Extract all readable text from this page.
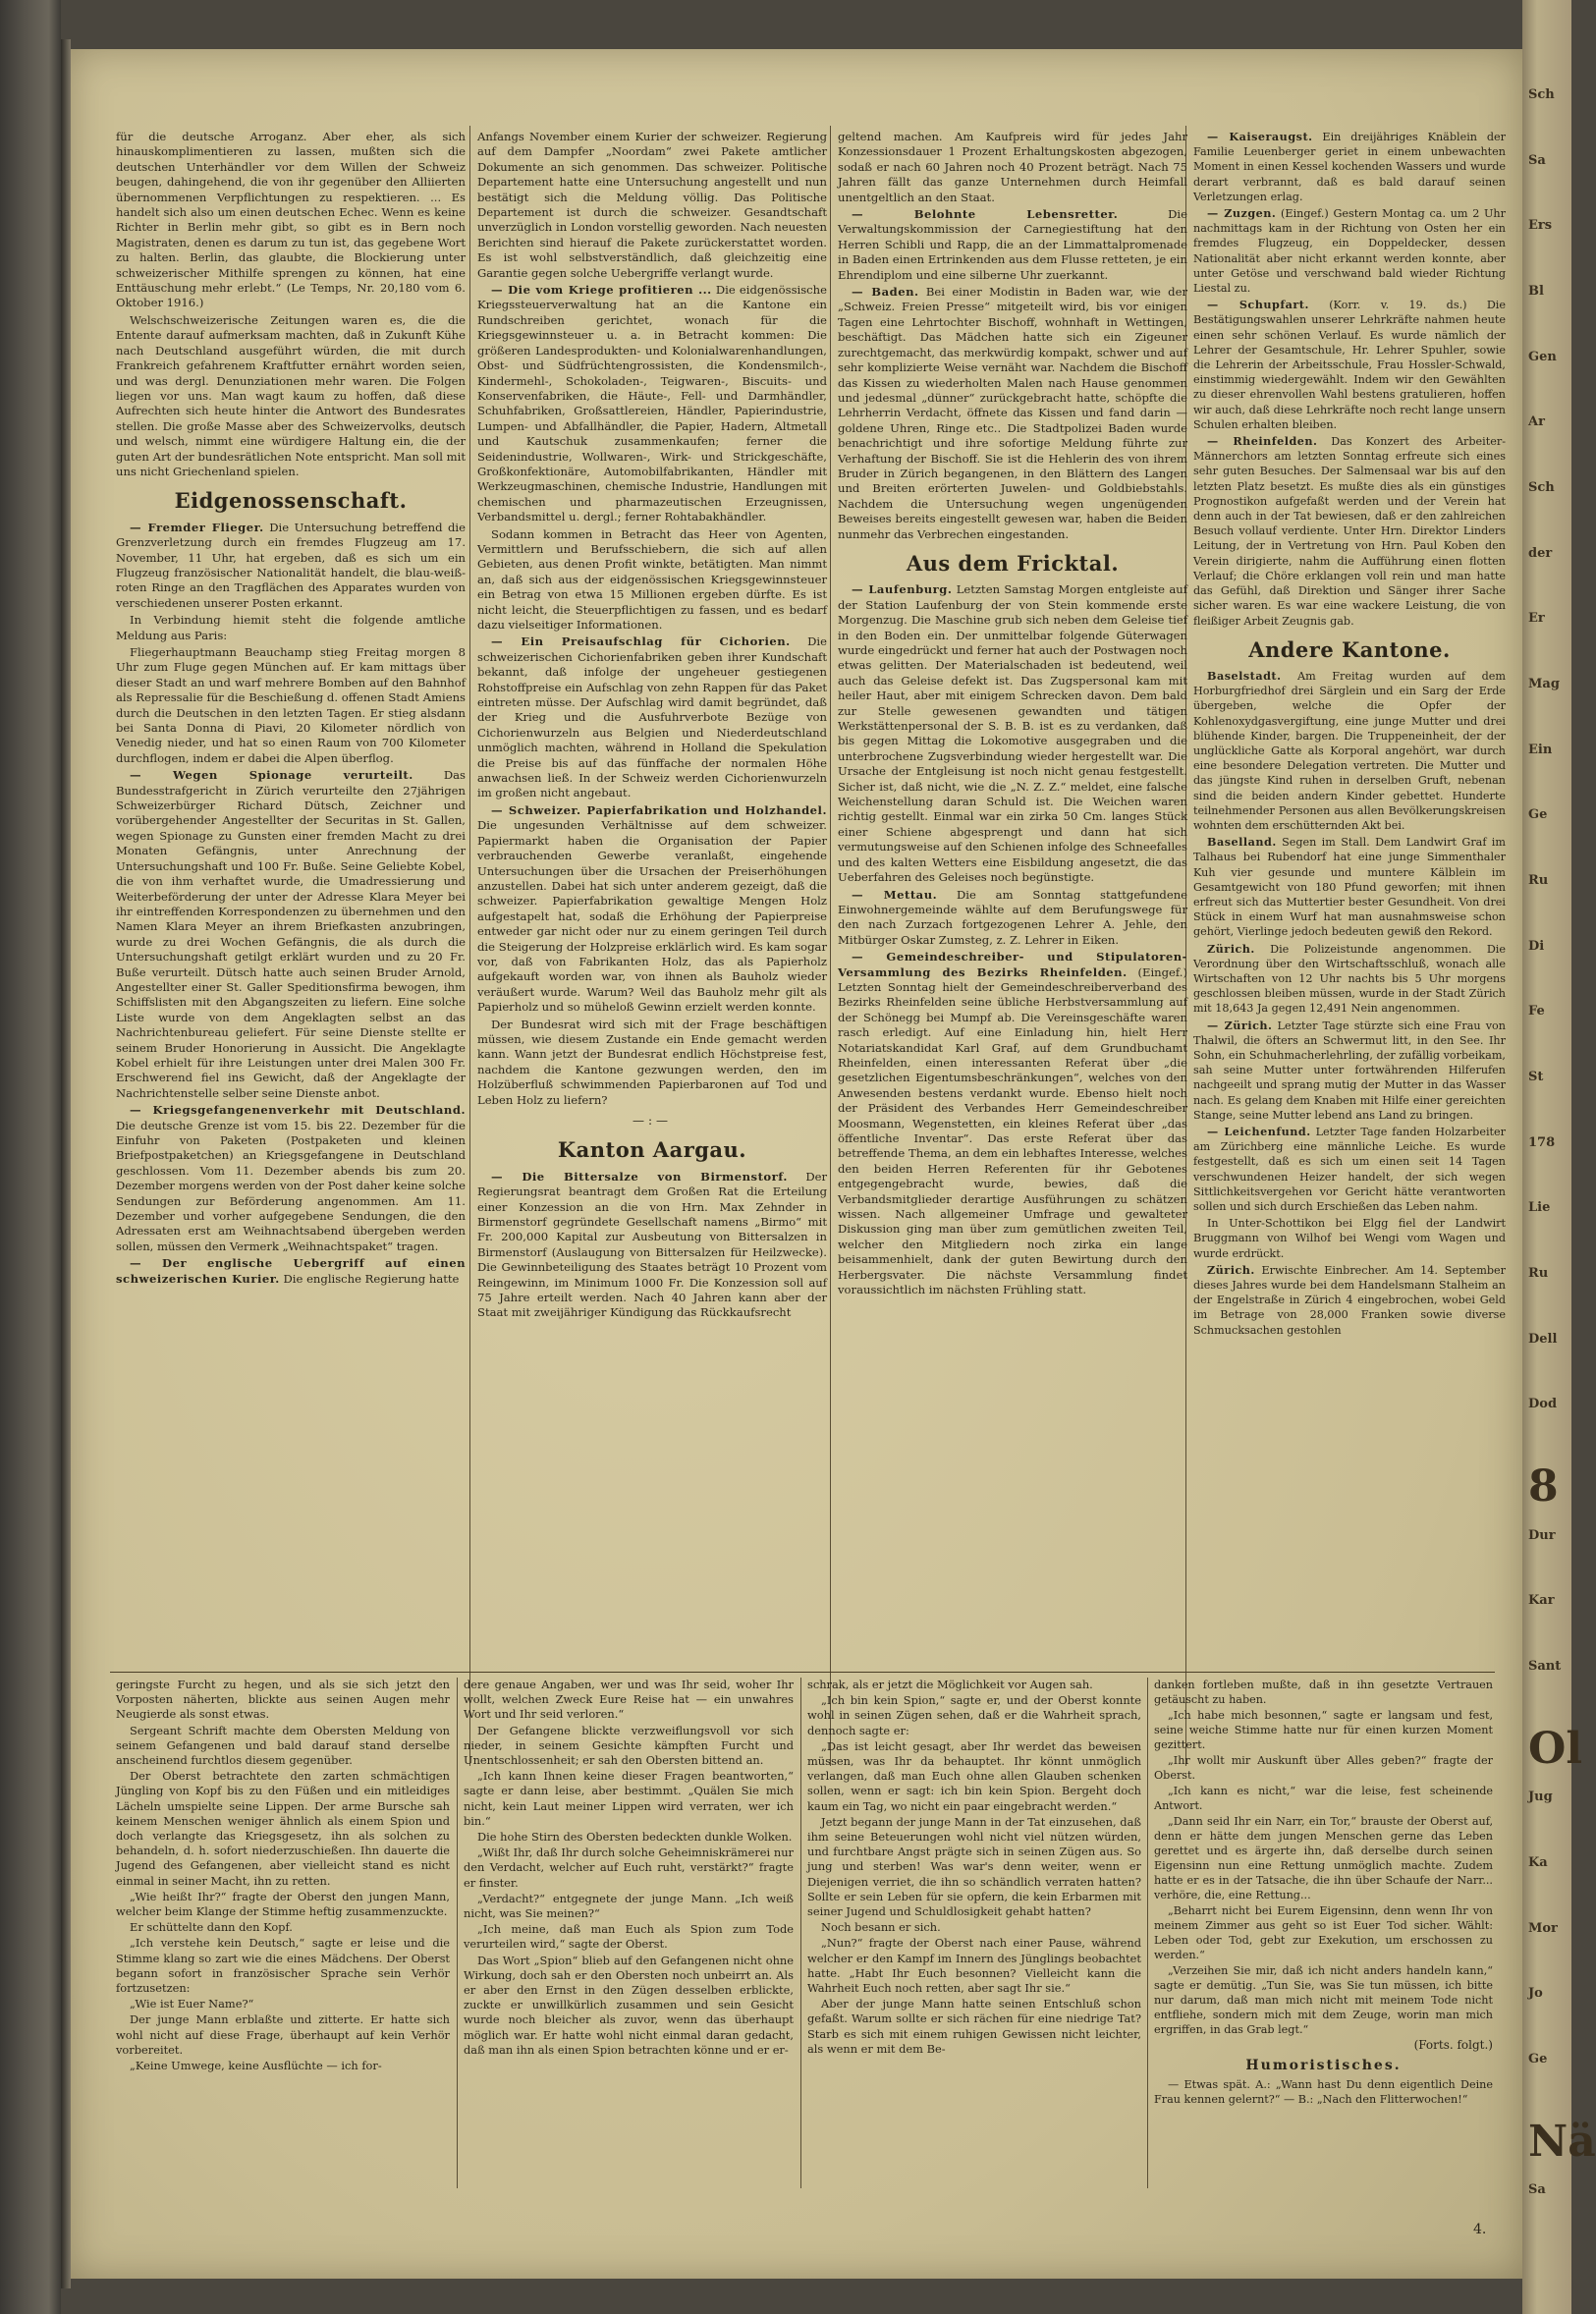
für die deutsche Arroganz. Aber eher, als sich hinauskomplimentieren zu lassen, mußten sich die deutschen Unterhändler vor dem Willen der Schweiz beugen, dahingehend, die von ihr gegenüber den Alliierten übernommenen Verpflichtungen zu respektieren. ... Es handelt sich also um einen deutschen Echec. Wenn es keine Richter in Berlin mehr gibt, so gibt es in Bern noch Magistraten, denen es darum zu tun ist, das gegebene Wort zu halten. Berlin, das glaubte, die Blockierung unter schweizerischer Mithilfe sprengen zu können, hat eine Enttäuschung mehr erlebt.“ (Le Temps, Nr. 20,180 vom 6. Oktober 1916.)

Welschschweizerische Zeitungen waren es, die die Entente darauf aufmerksam machten, daß in Zukunft Kühe nach Deutschland ausgeführt würden, die mit durch Frankreich gefahrenem Kraftfutter ernährt worden seien, und was dergl. Denunziationen mehr waren. Die Folgen liegen vor uns. Man wagt kaum zu hoffen, daß diese Aufrechten sich heute hinter die Antwort des Bundesrates stellen. Die große Masse aber des Schweizervolks, deutsch und welsch, nimmt eine würdigere Haltung ein, die der guten Art der bundesrätlichen Note entspricht. Man soll mit uns nicht Griechenland spielen.

Eidgenossenschaft.

— Fremder Flieger. Die Untersuchung betreffend die Grenzverletzung durch ein fremdes Flugzeug am 17. November, 11 Uhr, hat ergeben, daß es sich um ein Flugzeug französischer Nationalität handelt, die blau-weiß-roten Ringe an den Tragflächen des Apparates wurden von verschiedenen unserer Posten erkannt.

In Verbindung hiemit steht die folgende amtliche Meldung aus Paris:

Fliegerhauptmann Beauchamp stieg Freitag morgen 8 Uhr zum Fluge gegen München auf. Er kam mittags über dieser Stadt an und warf mehrere Bomben auf den Bahnhof als Repressalie für die Beschießung d. offenen Stadt Amiens durch die Deutschen in den letzten Tagen. Er stieg alsdann bei Santa Donna di Piavi, 20 Kilometer nördlich von Venedig nieder, und hat so einen Raum von 700 Kilometer durchflogen, indem er dabei die Alpen überflog.

— Wegen Spionage verurteilt.	Das Bundesstrafgericht in Zürich verurteilte den 27jährigen Schweizerbürger Richard Dütsch, Zeichner und vorübergehender Angestellter der Securitas in St. Gallen, wegen Spionage zu Gunsten einer fremden Macht zu drei Monaten Gefängnis, unter Anrechnung der Untersuchungshaft und 100 Fr. Buße. Seine Geliebte Kobel, die von ihm verhaftet wurde, die Umadressierung und Weiterbeförderung der unter der Adresse Klara Meyer bei ihr eintreffenden Korrespondenzen zu übernehmen und den Namen Klara Meyer an ihrem Briefkasten anzubringen, wurde zu drei Wochen Gefängnis, die als durch die Untersuchungshaft getilgt erklärt wurden und zu 20 Fr. Buße verurteilt. Dütsch hatte auch seinen Bruder Arnold, Angestellter einer St. Galler Speditionsfirma bewogen, ihm Schiffslisten mit den Abgangszeiten zu liefern. Eine solche Liste wurde von dem Angeklagten selbst an das Nachrichtenbureau geliefert. Für seine Dienste stellte er seinem Bruder Honorierung in Aussicht. Die Angeklagte Kobel erhielt für ihre Leistungen unter drei Malen 300 Fr. Erschwerend fiel ins Gewicht, daß der Angeklagte der Nachrichtenstelle selber seine Dienste anbot.

— Kriegsgefangenenverkehr mit Deutschland. Die deutsche Grenze ist vom 15. bis 22. Dezember für die Einfuhr von Paketen (Postpaketen und kleinen Briefpostpaketchen) an Kriegsgefangene in Deutschland geschlossen. Vom 11. Dezember abends bis zum 20. Dezember morgens werden von der Post daher keine solche Sendungen zur Beförderung angenommen. Am 11. Dezember und vorher aufgegebene Sendungen, die den Adressaten erst am Weihnachtsabend übergeben werden sollen, müssen den Vermerk „Weihnachtspaket“ tragen.

— Der englische Uebergriff auf einen schweizerischen Kurier. Die englische Regierung hatte

Anfangs November einem Kurier der schweizer. Regierung auf dem Dampfer „Noordam“ zwei Pakete amtlicher Dokumente an sich genommen. Das schweizer. Politische Departement hatte eine Untersuchung angestellt und nun bestätigt sich die Meldung völlig. Das Politische Departement ist durch die schweizer. Gesandtschaft unverzüglich in London vorstellig geworden. Nach neuesten Berichten sind hierauf die Pakete zurückerstattet worden. Es ist wohl selbstverständlich, daß gleichzeitig eine Garantie gegen solche Uebergriffe verlangt wurde.

— Die vom Kriege profitieren ... Die eidgenössische Kriegssteuerverwaltung hat an die Kantone ein Rundschreiben gerichtet, wonach für die Kriegsgewinnsteuer u. a. in Betracht kommen: Die größeren Landesprodukten- und Kolonialwarenhandlungen, Obst- und Südfrüchtengrossisten, die Kondensmilch-, Kindermehl-, Schokoladen-, Teigwaren-, Biscuits- und Konservenfabriken, die Häute-, Fell- und Darmhändler, Schuhfabriken, Großsattlereien, Händler, Papierindustrie, Lumpen- und Abfallhändler, die Papier, Hadern, Altmetall und Kautschuk zusammenkaufen; ferner die Seidenindustrie, Wollwaren-, Wirk- und Strickgeschäfte, Großkonfektionäre, Automobilfabrikanten, Händler mit Werkzeugmaschinen, chemische Industrie, Handlungen mit chemischen und pharmazeutischen Erzeugnissen, Verbandsmittel u. dergl.; ferner Rohtabakhändler.

Sodann kommen in Betracht das Heer von Agenten, Vermittlern und Berufsschiebern, die sich auf allen Gebieten, aus denen Profit winkte, betätigten. Man nimmt an, daß sich aus der eidgenössischen Kriegsgewinnsteuer ein Betrag von etwa 15 Millionen ergeben dürfte. Es ist nicht leicht, die Steuerpflichtigen zu fassen, und es bedarf dazu vielseitiger Informationen.

— Ein Preisaufschlag für Cichorien. Die schweizerischen Cichorienfabriken geben ihrer Kundschaft bekannt, daß infolge der ungeheuer gestiegenen Rohstoffpreise ein Aufschlag von zehn Rappen für das Paket eintreten müsse. Der Aufschlag wird damit begründet, daß der Krieg und die Ausfuhrverbote Bezüge von Cichorienwurzeln aus Belgien und Niederdeutschland unmöglich machten, während in Holland die Spekulation die Preise bis auf das fünffache der normalen Höhe anwachsen ließ. In der Schweiz werden Cichorienwurzeln im großen nicht angebaut.

— Schweizer. Papierfabrikation und Holzhandel. Die ungesunden Verhältnisse auf dem schweizer. Papiermarkt haben die Organisation der Papier verbrauchenden Gewerbe veranlaßt, eingehende Untersuchungen über die Ursachen der Preiserhöhungen anzustellen. Dabei hat sich unter anderem gezeigt, daß die schweizer. Papierfabrikation gewaltige Mengen Holz aufgestapelt hat, sodaß die Erhöhung der Papierpreise entweder gar nicht oder nur zu einem geringen Teil durch die Steigerung der Holzpreise erklärlich wird. Es kam sogar vor, daß von Fabrikanten Holz, das als Papierholz aufgekauft worden war, von ihnen als Bauholz wieder veräußert wurde. Warum? Weil das Bauholz mehr gilt als Papierholz und so müheloß Gewinn erzielt werden konnte.

Der Bundesrat wird sich mit der Frage beschäftigen müssen, wie diesem Zustande ein Ende gemacht werden kann. Wann jetzt der Bundesrat endlich Höchstpreise fest, nachdem die Kantone gezwungen werden, den im Holzüberfluß schwimmenden Papierbaronen auf Tod und Leben Holz zu liefern?

—:—
Kanton Aargau.

— Die Bittersalze von Birmenstorf. Der Regierungsrat beantragt dem Großen Rat die Erteilung einer Konzession an die von Hrn. Max Zehnder in Birmenstorf gegründete Gesellschaft namens „Birmo“ mit Fr. 200,000 Kapital zur Ausbeutung von Bittersalzen in Birmenstorf (Auslaugung von Bittersalzen für Heilzwecke). Die Gewinnbeteiligung des Staates beträgt 10 Prozent vom Reingewinn, im Minimum 1000 Fr. Die Konzession soll auf 75 Jahre erteilt werden. Nach 40 Jahren kann aber der Staat mit zweijähriger Kündigung das Rückkaufsrecht

geltend machen. Am Kaufpreis wird für jedes Jahr Konzessionsdauer 1 Prozent Erhaltungskosten abgezogen, sodaß er nach 60 Jahren noch 40 Prozent beträgt. Nach 75 Jahren fällt das ganze Unternehmen durch Heimfall unentgeltlich an den Staat.

— Belohnte Lebensretter.	Die Verwaltungskommission der Carnegiestiftung hat den Herren Schibli und Rapp, die an der Limmattalpromenade in Baden einen Ertrinkenden aus dem Flusse retteten, je ein Ehrendiplom und eine silberne Uhr zuerkannt.

— Baden. Bei einer Modistin in Baden war, wie der „Schweiz. Freien Presse“ mitgeteilt wird, bis vor einigen Tagen eine Lehrtochter Bischoff, wohnhaft in Wettingen, beschäftigt. Das Mädchen hatte sich ein Zigeuner zurechtgemacht, das merkwürdig kompakt, schwer und auf sehr komplizierte Weise vernäht war. Nachdem die Bischoff das Kissen zu wiederholten Malen nach Hause genommen und jedesmal „dünner“ zurückgebracht hatte, schöpfte die Lehrherrin Verdacht, öffnete das Kissen und fand darin — goldene Uhren, Ringe etc.. Die Stadtpolizei Baden wurde benachrichtigt und ihre sofortige Meldung führte zur Verhaftung der Bischoff. Sie ist die Hehlerin des von ihrem Bruder in Zürich begangenen, in den Blättern des Langen und Breiten erörterten Juwelen- und Goldbiebstahls. Nachdem die Untersuchung wegen ungenügenden Beweises bereits eingestellt gewesen war, haben die Beiden nunmehr das Verbrechen eingestanden.

Aus dem Fricktal.

— Laufenburg. Letzten Samstag Morgen entgleiste auf der Station Laufenburg der von Stein kommende erste Morgenzug. Die Maschine grub sich neben dem Geleise tief in den Boden ein. Der unmittelbar folgende Güterwagen wurde eingedrückt und ferner hat auch der Postwagen noch etwas gelitten. Der Materialschaden ist bedeutend, weil auch das Geleise defekt ist. Das Zugspersonal kam mit heiler Haut, aber mit einigem Schrecken davon. Dem bald zur Stelle gewesenen gewandten und tätigen Werkstättenpersonal der S. B. B. ist es zu verdanken, daß bis gegen Mittag die Lokomotive ausgegraben und die unterbrochene Zugsverbindung wieder hergestellt war. Die Ursache der Entgleisung ist noch nicht genau festgestellt. Sicher ist, daß nicht, wie die „N. Z. Z.“ meldet, eine falsche Weichenstellung daran Schuld ist. Die Weichen waren richtig gestellt. Einmal war ein zirka 50 Cm. langes Stück einer Schiene abgesprengt und dann hat sich vermutungsweise auf den Schienen infolge des Schneefalles und des kalten Wetters eine Eisbildung angesetzt, die das Ueberfahren des Geleises noch begünstigte.

— Mettau. Die am Sonntag stattgefundene Einwohnergemeinde wählte auf dem Berufungswege für den nach Zurzach fortgezogenen Lehrer A. Jehle, den Mitbürger Oskar Zumsteg, z. Z. Lehrer in Eiken.

— Gemeindeschreiber- und Stipulatoren-Versammlung des Bezirks Rheinfelden. (Eingef.) Letzten Sonntag hielt der Gemeindeschreiberverband des Bezirks Rheinfelden seine übliche Herbstversammlung auf der Schönegg bei Mumpf ab. Die Vereinsgeschäfte waren rasch erledigt. Auf eine Einladung hin, hielt Herr Notariatskandidat Karl Graf, auf dem Grundbuchamt Rheinfelden, einen interessanten Referat über „die gesetzlichen Eigentumsbeschränkungen“, welches von den Anwesenden bestens verdankt wurde. Ebenso hielt noch der Präsident des Verbandes Herr Gemeindeschreiber Moosmann, Wegenstetten, ein kleines Referat über „das öffentliche Inventar“. Das erste Referat über das betreffende Thema, an dem ein lebhaftes Interesse, welches den beiden Herren Referenten für ihr Gebotenes entgegengebracht wurde, bewies, daß die Verbandsmitglieder derartige Ausführungen zu schätzen wissen. Nach allgemeiner Umfrage und gewalteter Diskussion ging man über zum gemütlichen zweiten Teil, welcher den Mitgliedern noch zirka ein lange beisammenhielt, dank der guten Bewirtung durch den Herbergsvater. Die nächste Versammlung findet voraussichtlich im nächsten Frühling statt.

— Kaiseraugst. Ein dreijähriges Knäblein der Familie Leuenberger geriet in einem unbewachten Moment in einen Kessel kochenden Wassers und wurde derart verbrannt, daß es bald darauf seinen Verletzungen erlag.

— Zuzgen. (Eingef.) Gestern Montag ca. um 2 Uhr nachmittags kam in der Richtung von Osten her ein fremdes Flugzeug, ein Doppeldecker, dessen Nationalität aber nicht erkannt werden konnte, aber unter Getöse und verschwand bald wieder Richtung Liestal zu.

— Schupfart. (Korr. v. 19. ds.) Die Bestätigungswahlen unserer Lehrkräfte nahmen heute einen sehr schönen Verlauf. Es wurde nämlich der Lehrer der Gesamtschule, Hr. Lehrer Spuhler, sowie die Lehrerin der Arbeitsschule, Frau Hossler-Schwald, einstimmig wiedergewählt. Indem wir den Gewählten zu dieser ehrenvollen Wahl bestens gratulieren, hoffen wir auch, daß diese Lehrkräfte noch recht lange unsern Schulen erhalten bleiben.

— Rheinfelden. Das Konzert des Arbeiter-Männerchors am letzten Sonntag erfreute sich eines sehr guten Besuches. Der Salmensaal war bis auf den letzten Platz besetzt. Es mußte dies als ein günstiges Prognostikon aufgefaßt werden und der Verein hat denn auch in der Tat bewiesen, daß er den zahlreichen Besuch vollauf verdiente. Unter Hrn. Direktor Linders Leitung, der in Vertretung von Hrn. Paul Koben den Verein dirigierte, nahm die Aufführung einen flotten Verlauf; die Chöre erklangen voll rein und man hatte das Gefühl, daß Direktion und Sänger ihrer Sache sicher waren. Es war eine wackere Leistung, die von fleißiger Arbeit Zeugnis gab.

Andere Kantone.

Baselstadt. Am Freitag wurden auf dem Horburgfriedhof drei Särglein und ein Sarg der Erde übergeben, welche die Opfer der Kohlenoxydgasvergiftung, eine junge Mutter und drei blühende Kinder, bargen. Die Truppeneinheit, der der unglückliche Gatte als Korporal angehört, war durch eine besondere Delegation vertreten. Die Mutter und das jüngste Kind ruhen in derselben Gruft, nebenan sind die beiden andern Kinder gebettet. Hunderte teilnehmender Personen aus allen Bevölkerungskreisen wohnten dem erschütternden Akt bei.

Baselland. Segen im Stall. Dem Landwirt Graf im Talhaus bei Rubendorf hat eine junge Simmenthaler Kuh vier gesunde und muntere Kälblein im Gesamtgewicht von 180 Pfund geworfen; mit ihnen erfreut sich das Muttertier bester Gesundheit. Von drei Stück in einem Wurf hat man ausnahmsweise schon gehört, Vierlinge jedoch bedeuten gewiß den Rekord.

Zürich. Die Polizeistunde angenommen. Die Verordnung über den Wirtschaftsschluß, wonach alle Wirtschaften von 12 Uhr nachts bis 5 Uhr morgens geschlossen bleiben müssen, wurde in der Stadt Zürich mit 18,643 Ja gegen 12,491 Nein angenommen.

— Zürich. Letzter Tage stürzte sich eine Frau von Thalwil, die öfters an Schwermut litt, in den See. Ihr Sohn, ein Schuhmacherlehrling, der zufällig vorbeikam, sah seine Mutter unter fortwährenden Hilferufen nachgeeilt und sprang mutig der Mutter in das Wasser nach. Es gelang dem Knaben mit Hilfe einer gereichten Stange, seine Mutter lebend ans Land zu bringen.

— Leichenfund. Letzter Tage fanden Holzarbeiter am Zürichberg eine männliche Leiche. Es wurde festgestellt, daß es sich um einen seit 14 Tagen verschwundenen Heizer handelt, der sich wegen Sittlichkeitsvergehen vor Gericht hätte verantworten sollen und sich durch Erschießen das Leben nahm.

In Unter-Schottikon bei Elgg fiel der Landwirt Bruggmann von Wilhof bei Wengi vom Wagen und wurde erdrückt.

Zürich. Erwischte Einbrecher. Am 14. September dieses Jahres wurde bei dem Handelsmann Stalheim an der Engelstraße in Zürich 4 eingebrochen, wobei Geld im Betrage von 28,000 Franken sowie diverse Schmucksachen gestohlen

geringste Furcht zu hegen, und als sie sich jetzt den Vorposten näherten, blickte aus seinen Augen mehr Neugierde als sonst etwas.

Sergeant Schrift machte dem Obersten Meldung von seinem Gefangenen und bald darauf stand derselbe anscheinend furchtlos diesem gegenüber.

Der Oberst betrachtete den zarten schmächtigen Jüngling von Kopf bis zu den Füßen und ein mitleidiges Lächeln umspielte seine Lippen. Der arme Bursche sah keinem Menschen weniger ähnlich als einem Spion und doch verlangte das Kriegsgesetz, ihn als solchen zu behandeln, d. h. sofort niederzuschießen. Ihn dauerte die Jugend des Gefangenen, aber vielleicht stand es nicht einmal in seiner Macht, ihn zu retten.

„Wie heißt Ihr?“ fragte der Oberst den jungen Mann, welcher beim Klange der Stimme heftig zusammenzuckte.

Er schüttelte dann den Kopf.

„Ich verstehe kein Deutsch,“ sagte er leise und die Stimme klang so zart wie die eines Mädchens. Der Oberst begann sofort in französischer Sprache sein Verhör fortzusetzen:

„Wie ist Euer Name?“

Der junge Mann erblaßte und zitterte. Er hatte sich wohl nicht auf diese Frage, überhaupt auf kein Verhör vorbereitet.

„Keine Umwege, keine Ausflüchte — ich for-

dere genaue Angaben, wer und was Ihr seid, woher Ihr wollt, welchen Zweck Eure Reise hat — ein unwahres Wort und Ihr seid verloren.“

Der Gefangene blickte verzweiflungsvoll vor sich nieder, in seinem Gesichte kämpften Furcht und Unentschlossenheit; er sah den Obersten bittend an.

„Ich kann Ihnen keine dieser Fragen beantworten,“ sagte er dann leise, aber bestimmt. „Quälen Sie mich nicht, kein Laut meiner Lippen wird verraten, wer ich bin.“

Die hohe Stirn des Obersten bedeckten dunkle Wolken.

„Wißt Ihr, daß Ihr durch solche Geheimniskrämerei nur den Verdacht, welcher auf Euch ruht, verstärkt?“ fragte er finster.

„Verdacht?“ entgegnete der junge Mann. „Ich weiß nicht, was Sie meinen?“

„Ich meine, daß man Euch als Spion zum Tode verurteilen wird,“ sagte der Oberst.

Das Wort „Spion“ blieb auf den Gefangenen nicht ohne Wirkung, doch sah er den Obersten noch unbeirrt an. Als er aber den Ernst in den Zügen desselben erblickte, zuckte er unwillkürlich zusammen und sein Gesicht wurde noch bleicher als zuvor, wenn das überhaupt möglich war. Er hatte wohl nicht einmal daran gedacht, daß man ihn als einen Spion betrachten könne und er er-

schrak, als er jetzt die Möglichkeit vor Augen sah.

„Ich bin kein Spion,“ sagte er, und der Oberst konnte wohl in seinen Zügen sehen, daß er die Wahrheit sprach, dennoch sagte er:

„Das ist leicht gesagt, aber Ihr werdet das beweisen müssen, was Ihr da behauptet. Ihr könnt unmöglich verlangen, daß man Euch ohne allen Glauben schenken sollen, wenn er sagt: ich bin kein Spion. Bergeht doch kaum ein Tag, wo nicht ein paar eingebracht werden.“

Jetzt begann der junge Mann in der Tat einzusehen, daß ihm seine Beteuerungen wohl nicht viel nützen würden, und furchtbare Angst prägte sich in seinen Zügen aus. So jung und sterben! Was war's denn weiter, wenn er Diejenigen verriet, die ihn so schändlich verraten hatten? Sollte er sein Leben für sie opfern, die kein Erbarmen mit seiner Jugend und Schuldlosigkeit gehabt hatten?

Noch besann er sich.

„Nun?“ fragte der Oberst nach einer Pause, während welcher er den Kampf im Innern des Jünglings beobachtet hatte. „Habt Ihr Euch besonnen? Vielleicht kann die Wahrheit Euch noch retten, aber sagt Ihr sie.“

Aber der junge Mann hatte seinen Entschluß schon gefaßt. Warum sollte er sich rächen für eine niedrige Tat? Starb es sich mit einem ruhigen Gewissen nicht leichter, als wenn er mit dem Be-

danken fortleben mußte, daß in ihn gesetzte Vertrauen getäuscht zu haben.

„Ich habe mich besonnen,“ sagte er langsam und fest, seine weiche Stimme hatte nur für einen kurzen Moment gezittert.

„Ihr wollt mir Auskunft über Alles geben?“ fragte der Oberst.

„Ich kann es nicht,“ war die leise, fest scheinende Antwort.

„Dann seid Ihr ein Narr, ein Tor,“ brauste der Oberst auf, denn er hätte dem jungen Menschen gerne das Leben gerettet und es ärgerte ihn, daß derselbe durch seinen Eigensinn nun eine Rettung unmöglich machte. Zudem hatte er es in der Tatsache, die ihn über Schaufe der Narr... verhöre, die, eine Rettung...

„Beharrt nicht bei Eurem Eigensinn, denn wenn Ihr von meinem Zimmer aus geht so ist Euer Tod sicher. Wählt: Leben oder Tod, gebt zur Exekution, um erschossen zu werden.“

„Verzeihen Sie mir, daß ich nicht anders handeln kann,“ sagte er demütig. „Tun Sie, was Sie tun müssen, ich bitte nur darum, daß man mich nicht mit meinem Tode nicht entfliehe, sondern mich mit dem Zeuge, worin man mich ergriffen, in das Grab legt.“

(Forts. folgt.)
Humoristisches.

— Etwas spät. A.: „Wann hast Du denn eigentlich Deine Frau kennen gelernt?“ — B.: „Nach den Flitterwochen!“

4.
Sch
Sa
Ers
Bl
Gen
Ar
Sch
der
Er
Mag
Ein
Ge
Ru
Di
Fe
St
178
Lie
Ru
Dell
Dod
8
Dur
Kar
Sant
Ol
Jug
Ka
Mor
Jo
Ge
Nä
Sa
